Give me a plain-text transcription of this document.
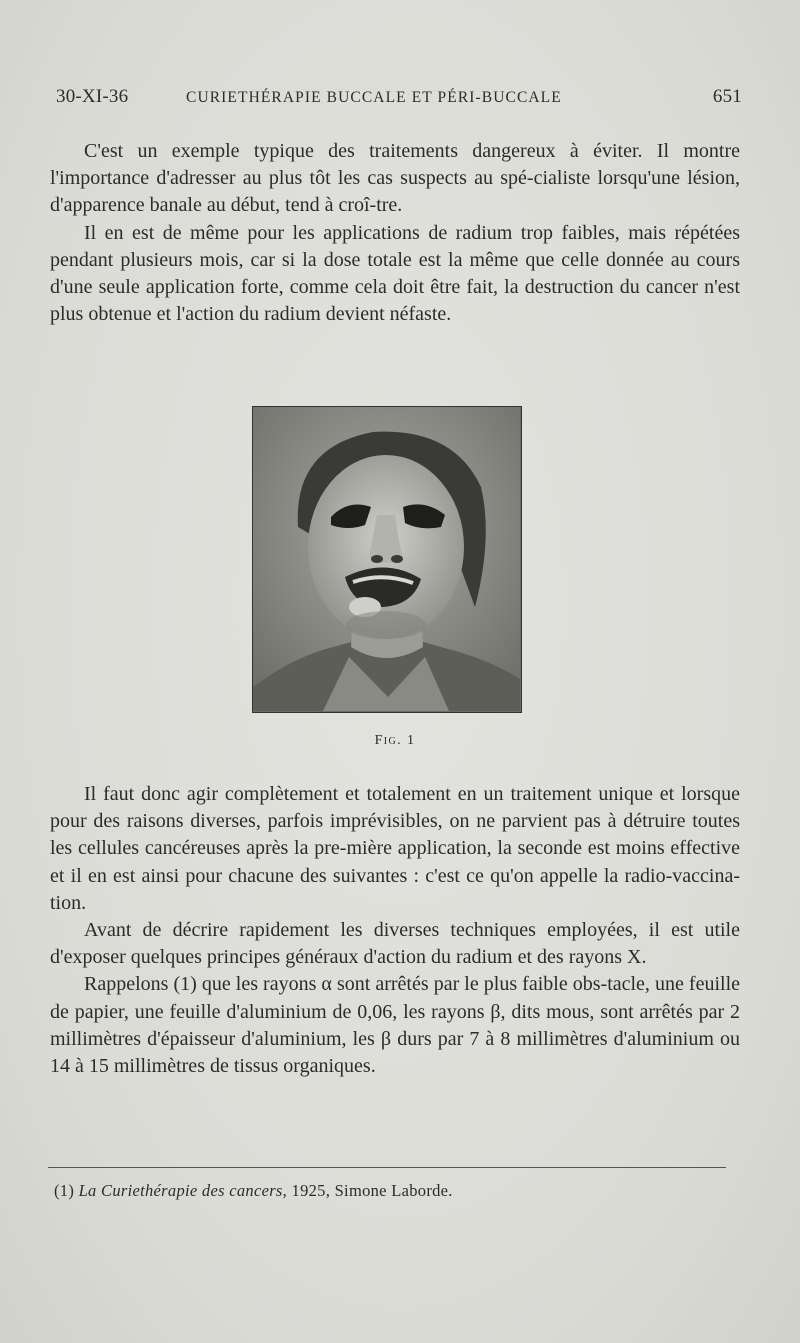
30-XI-36	CURIETHÉRAPIE BUCCALE ET PÉRI-BUCCALE	651

C'est un exemple typique des traitements dangereux à éviter. Il montre l'importance d'adresser au plus tôt les cas suspects au spé-cialiste lorsqu'une lésion, d'apparence banale au début, tend à croî-tre.

Il en est de même pour les applications de radium trop faibles, mais répétées pendant plusieurs mois, car si la dose totale est la même que celle donnée au cours d'une seule application forte, comme cela doit être fait, la destruction du cancer n'est plus obtenue et l'action du radium devient néfaste.

Fig. 1

Il faut donc agir complètement et totalement en un traitement unique et lorsque pour des raisons diverses, parfois imprévisibles, on ne parvient pas à détruire toutes les cellules cancéreuses après la pre-mière application, la seconde est moins effective et il en est ainsi pour chacune des suivantes : c'est ce qu'on appelle la radio-vaccina-tion.

Avant de décrire rapidement les diverses techniques employées, il est utile d'exposer quelques principes généraux d'action du radium et des rayons X.

Rappelons (1) que les rayons α sont arrêtés par le plus faible obs-tacle, une feuille de papier, une feuille d'aluminium de 0,06, les rayons β, dits mous, sont arrêtés par 2 millimètres d'épaisseur d'aluminium, les β durs par 7 à 8 millimètres d'aluminium ou 14 à 15 millimètres de tissus organiques.

(1) La Curiethérapie des cancers, 1925, Simone Laborde.
